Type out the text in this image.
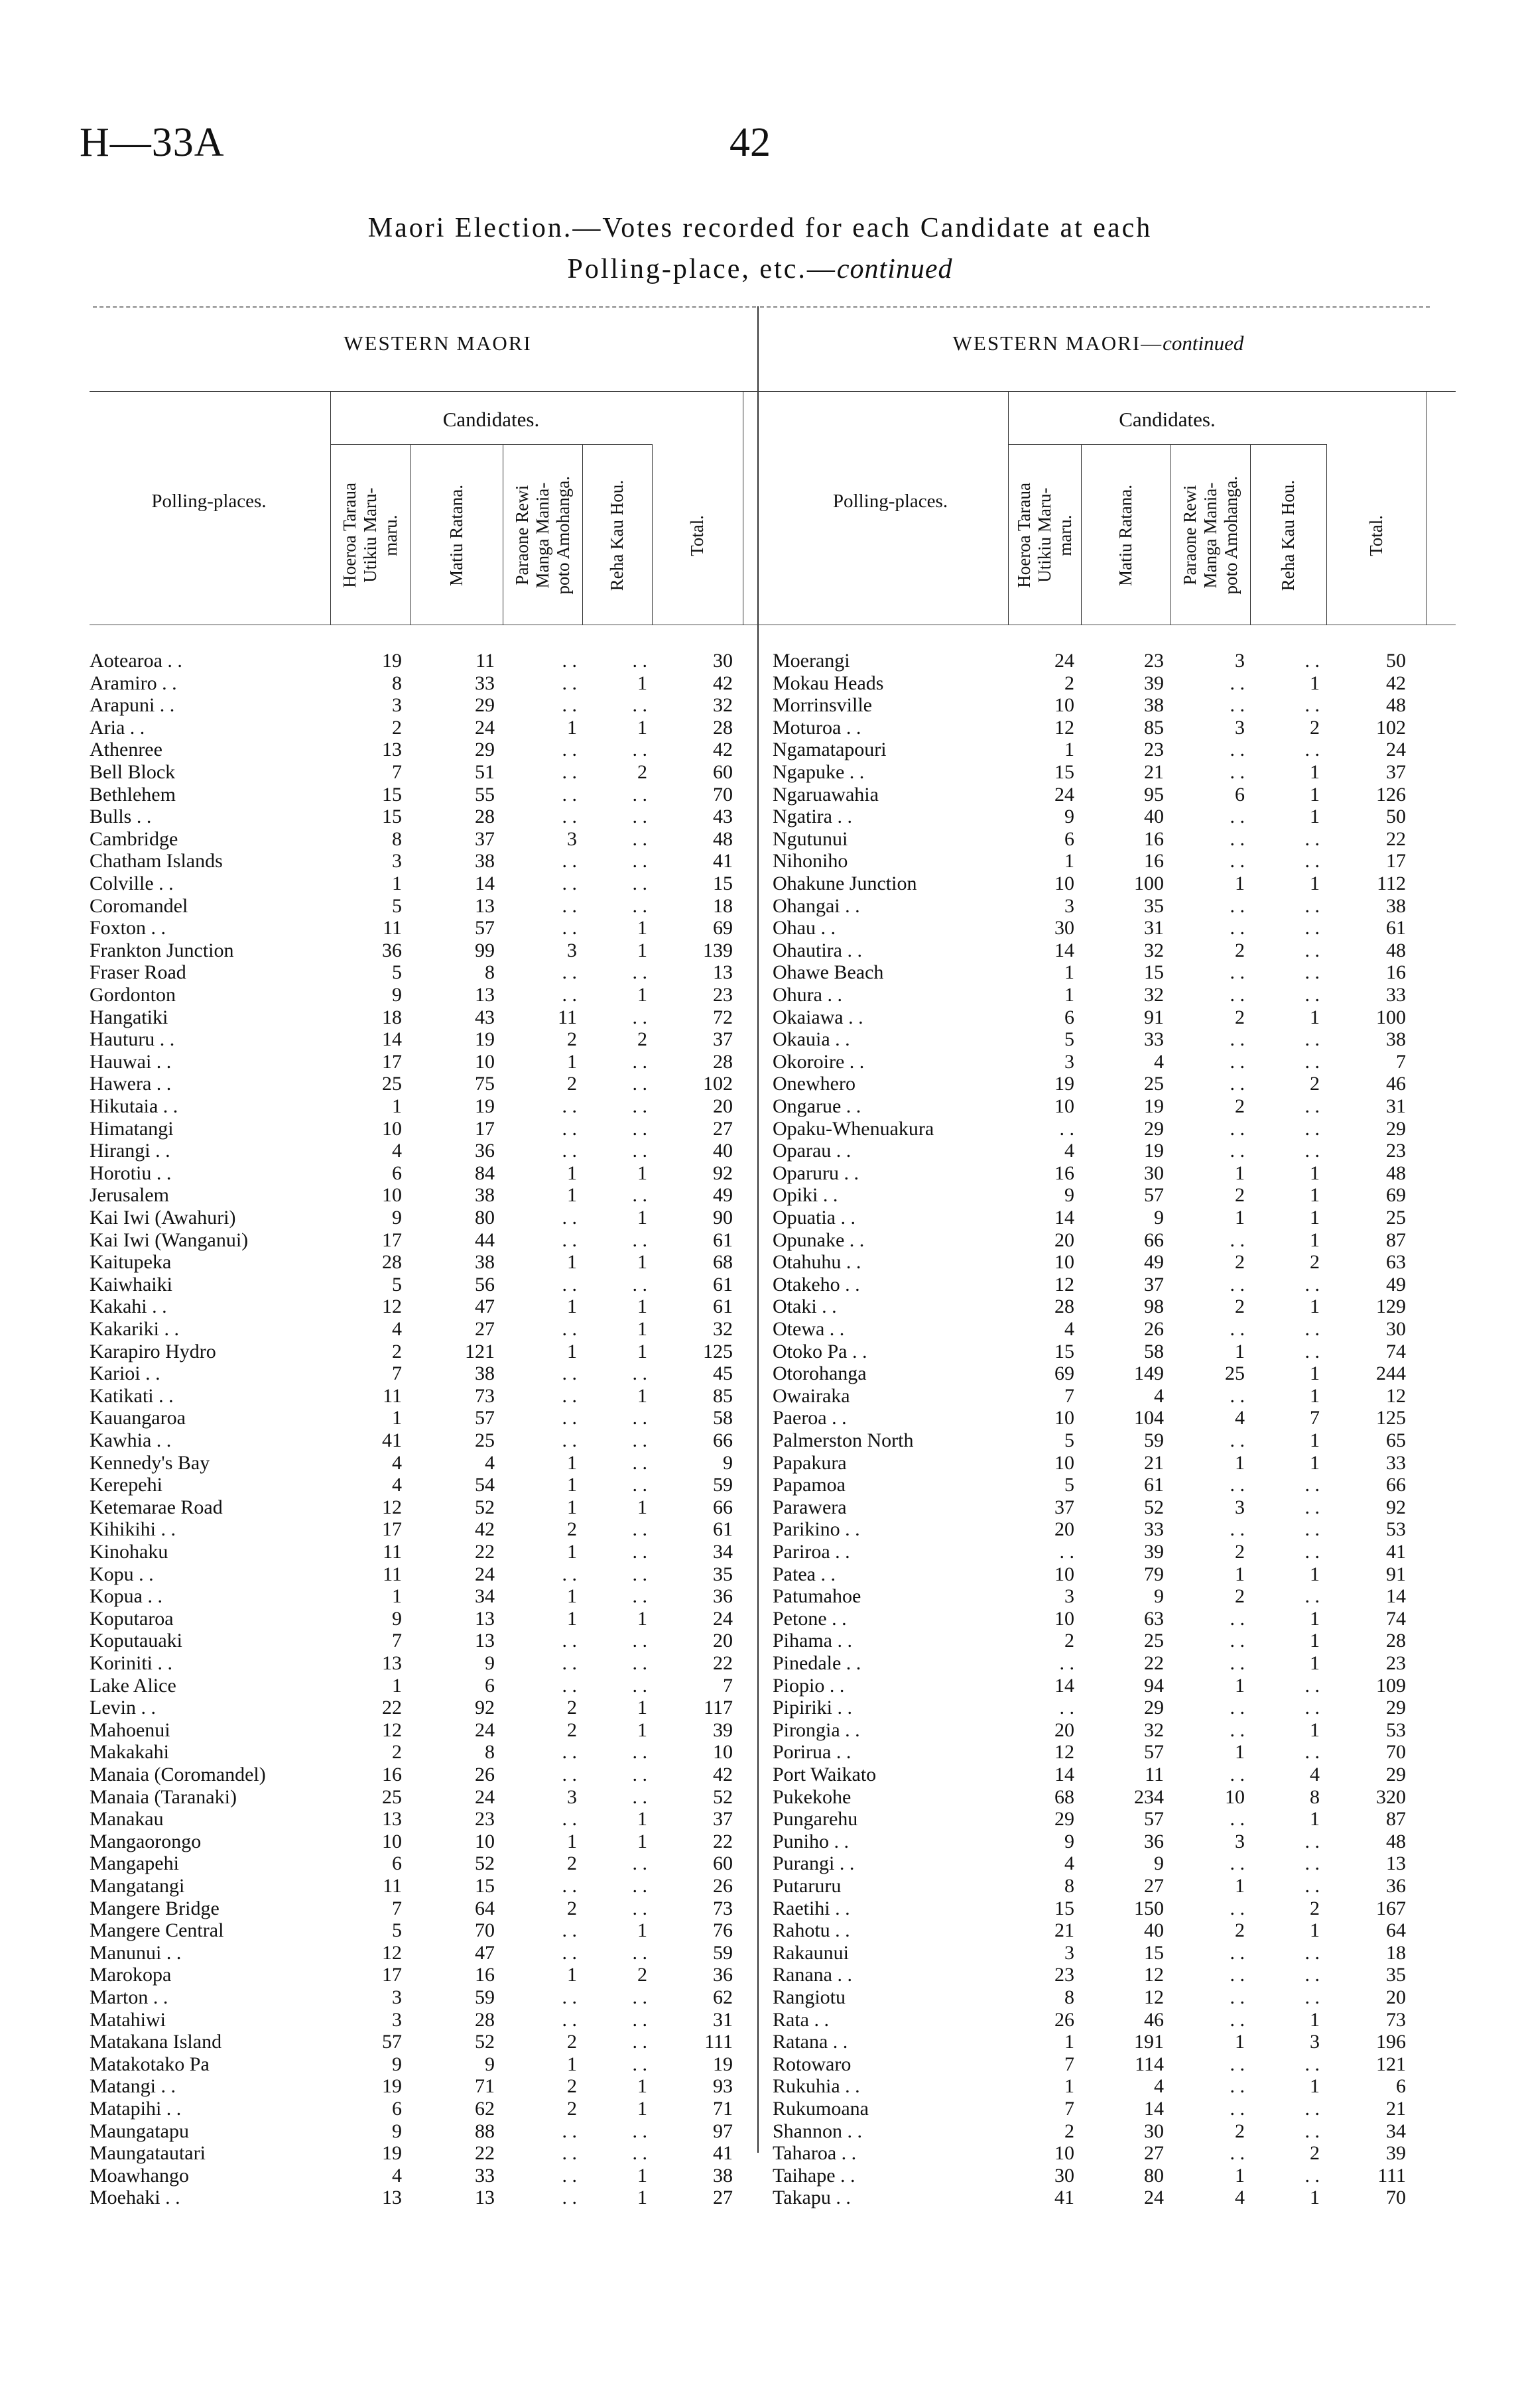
H—33A	42
Maori Election.—Votes recorded for each Candidate at each
Polling-place, etc.—continued
WESTERN MAORI	WESTERN MAORI—continued
Candidates.
Polling-places.
Hoeroa Taraua
Utikiu Maru-
maru.	Matiu Ratana.	Paraone Rewi
Manga Mania-
poto Amohanga. Reha Kau Hou.	Total.
Aotearoa . .	19	11	. .	. .	30
Aramiro . .	8	33	. .	1	42
Arapuni . .	3	29	. .	. .	32
Aria . .	2	24	1	1	28
Athenree	13	29	. .	. .	42
Bell Block	7	51	. .	2	60
Bethlehem	15	55	. .	. .	70
Bulls . .	15	28	. .	. .	43
Cambridge	8	37	3	. .	48
Chatham Islands	3	38	. .	. .	41
Colville . .	1	14	. .	. .	15
Coromandel	5	13	. .	. .	18
Foxton . .	11	57	. .	1	69
Frankton Junction	36	99	3	1	139
Fraser Road	5	8	. .	. .	13
Gordonton	9	13	. .	1	23
Hangatiki	18	43	11	. .	72
Hauturu . .	14	19	2	2	37
Hauwai . .	17	10	1	. .	28
Hawera . .	25	75	2	. .	102
Hikutaia . .	1	19	. .	. .	20
Himatangi	10	17	. .	. .	27
Hirangi . .	4	36	. .	. .	40
Horotiu . .	6	84	1	1	92
Jerusalem	10	38	1	. .	49
Kai Iwi (Awahuri)	9	80	. .	1	90
Kai Iwi (Wanganui)	17	44	. .	. .	61
Kaitupeka	28	38	1	1	68
Kaiwhaiki	5	56	. .	. .	61
Kakahi . .	12	47	1	1	61
Kakariki . .	4	27	. .	1	32
Karapiro Hydro	2	121	1	1	125
Karioi . .	7	38	. .	. .	45
Katikati . .	11	73	. .	1	85
Kauangaroa	1	57	. .	. .	58
Kawhia . .	41	25	. .	. .	66
Kennedy's Bay	4	4	1	. .	9
Kerepehi	4	54	1	. .	59
Ketemarae Road	12	52	1	1	66
Kihikihi . .	17	42	2	. .	61
Kinohaku	11	22	1	. .	34
Kopu . .	11	24	. .	. .	35
Kopua . .	1	34	1	. .	36
Koputaroa	9	13	1	1	24
Koputauaki	7	13	. .	. .	20
Koriniti . .	13	9	. .	. .	22
Lake Alice	1	6	. .	. .	7
Levin . .	22	92	2	1	117
Mahoenui	12	24	2	1	39
Makakahi	2	8	. .	. .	10
Manaia (Coromandel)	16	26	. .	. .	42
Manaia (Taranaki)	25	24	3	. .	52
Manakau	13	23	. .	1	37
Mangaorongo	10	10	1	1	22
Mangapehi	6	52	2	. .	60
Mangatangi	11	15	. .	. .	26
Mangere Bridge	7	64	2	. .	73
Mangere Central	5	70	. .	1	76
Manunui . .	12	47	. .	. .	59
Marokopa	17	16	1	2	36
Marton . .	3	59	. .	. .	62
Matahiwi	3	28	. .	. .	31
Matakana Island	57	52	2	. .	111
Matakotako Pa	9	9	1	. .	19
Matangi . .	19	71	2	1	93
Matapihi . .	6	62	2	1	71
Maungatapu	9	88	. .	. .	97
Maungatautari	19	22	. .	. .	41
Moawhango	4	33	. .	1	38
Moehaki . .	13	13	. .	1	27
Candidates.
Polling-places.
Hoeroa Taraua
Utikiu Maru-
maru. Matiu Ratana. Paraone Rewi
Manga Mania-
poto Amohanga. Reha Kau Hou.	Total.
Moerangi	24	23	3	. .	50
Mokau Heads	2	39	. .	1	42
Morrinsville	10	38	. .	. .	48
Moturoa . .	12	85	3	2	102
Ngamatapouri	1	23	. .	. .	24
Ngapuke . .	15	21	. .	1	37
Ngaruawahia	24	95	6	1	126
Ngatira . .	9	40	. .	1	50
Ngutunui	6	16	. .	. .	22
Nihoniho	1	16	. .	. .	17
Ohakune Junction	10	100	1	1	112
Ohangai . .	3	35	. .	. .	38
Ohau . .	30	31	. .	. .	61
Ohautira . .	14	32	2	. .	48
Ohawe Beach	1	15	. .	. .	16
Ohura . .	1	32	. .	. .	33
Okaiawa . .	6	91	2	1	100
Okauia . .	5	33	. .	. .	38
Okoroire . .	3	4	. .	. .	7
Onewhero	19	25	. .	2	46
Ongarue . .	10	19	2	. .	31
Opaku-Whenuakura	. .	29	. .	. .	29
Oparau . .	4	19	. .	. .	23
Oparuru . .	16	30	1	1	48
Opiki . .	9	57	2	1	69
Opuatia . .	14	9	1	1	25
Opunake . .	20	66	. .	1	87
Otahuhu . .	10	49	2	2	63
Otakeho . .	12	37	. .	. .	49
Otaki . .	28	98	2	1	129
Otewa . .	4	26	. .	. .	30
Otoko Pa . .	15	58	1	. .	74
Otorohanga	69	149	25	1	244
Owairaka	7	4	. .	1	12
Paeroa . .	10	104	4	7	125
Palmerston North	5	59	. .	1	65
Papakura	10	21	1	1	33
Papamoa	5	61	. .	. .	66
Parawera	37	52	3	. .	92
Parikino . .	20	33	. .	. .	53
Pariroa . .	. .	39	2	. .	41
Patea . .	10	79	1	1	91
Patumahoe	3	9	2	. .	14
Petone . .	10	63	. .	1	74
Pihama . .	2	25	. .	1	28
Pinedale . .	. .	22	. .	1	23
Piopio . .	14	94	1	. .	109
Pipiriki . .	. .	29	. .	. .	29
Pirongia . .	20	32	. .	1	53
Porirua . .	12	57	1	. .	70
Port Waikato	14	11	. .	4	29
Pukekohe	68	234	10	8	320
Pungarehu	29	57	. .	1	87
Puniho . .	9	36	3	. .	48
Purangi . .	4	9	. .	. .	13
Putaruru	8	27	1	. .	36
Raetihi . .	15	150	. .	2	167
Rahotu . .	21	40	2	1	64
Rakaunui	3	15	. .	. .	18
Ranana . .	23	12	. .	. .	35
Rangiotu	8	12	. .	. .	20
Rata . .	26	46	. .	1	73
Ratana . .	1	191	1	3	196
Rotowaro	7	114	. .	. .	121
Rukuhia . .	1	4	. .	1	6
Rukumoana	7	14	. .	. .	21
Shannon . .	2	30	2	. .	34
Taharoa . .	10	27	. .	2	39
Taihape . .	30	80	1	. .	111
Takapu . .	41	24	4	1	70
